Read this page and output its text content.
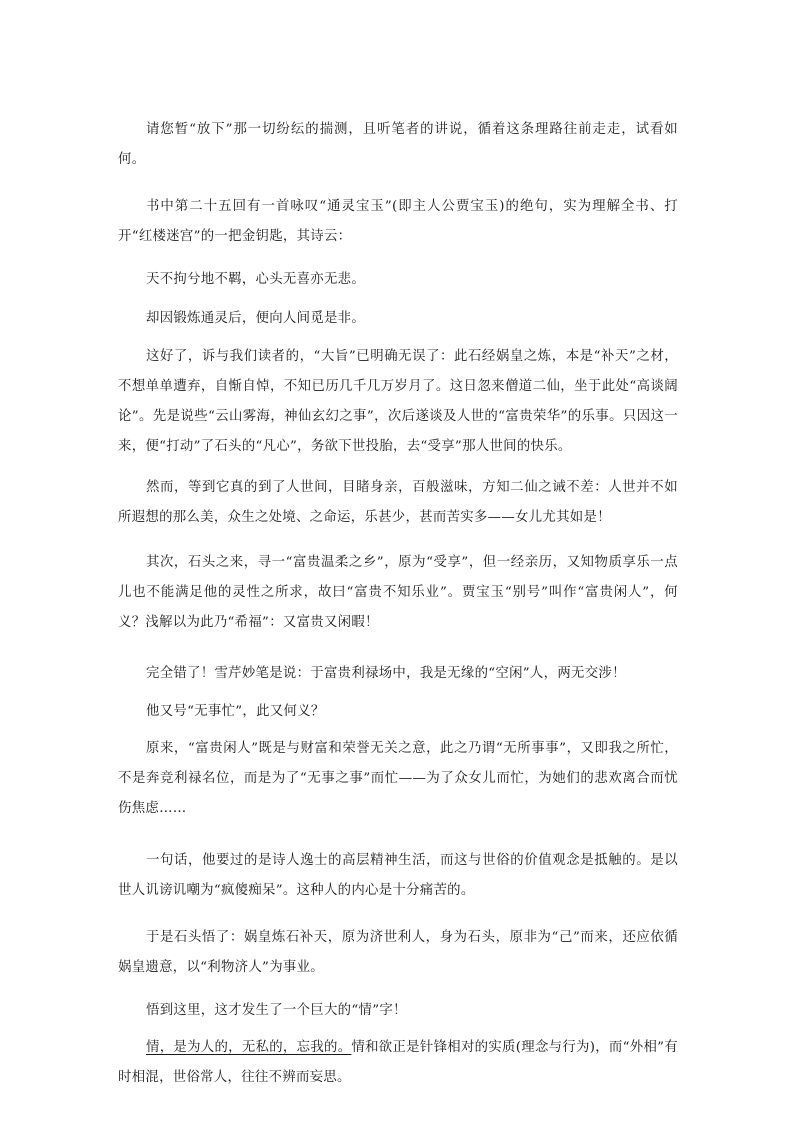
请您暂“放下”那一切纷纭的揣测，且听笔者的讲说，循着这条理路往前走走，试看如何。

书中第二十五回有一首咏叹“通灵宝玉”(即主人公贾宝玉)的绝句，实为理解全书、打开“红楼迷宫”的一把金钥匙，其诗云：

天不拘兮地不羁，心头无喜亦无悲。

却因锻炼通灵后，便向人间觅是非。

这好了，诉与我们读者的，“大旨”已明确无误了：此石经娲皇之炼，本是“补天”之材，不想单单遭弃，自惭自悼，不知已历几千几万岁月了。这日忽来僧道二仙，坐于此处“高谈阔论”。先是说些“云山雾海，神仙玄幻之事”，次后遂谈及人世的“富贵荣华”的乐事。只因这一来，便“打动”了石头的“凡心”，务欲下世投胎，去“受享”那人世间的快乐。

然而，等到它真的到了人世间，目睹身亲，百般滋味，方知二仙之诫不差：人世并不如所遐想的那么美，众生之处境、之命运，乐甚少，甚而苦实多——女儿尤其如是！

其次，石头之来，寻一“富贵温柔之乡”，原为“受享”，但一经亲历，又知物质享乐一点儿也不能满足他的灵性之所求，故曰“富贵不知乐业”。贾宝玉“别号”叫作“富贵闲人”，何义？浅解以为此乃“希福”：又富贵又闲暇！

完全错了！雪芹妙笔是说：于富贵利禄场中，我是无缘的“空闲”人，两无交涉！

他又号“无事忙”，此又何义？

原来，“富贵闲人”既是与财富和荣誉无关之意，此之乃谓“无所事事”，又即我之所忙，不是奔竞利禄名位，而是为了“无事之事”而忙——为了众女儿而忙，为她们的悲欢离合而忧伤焦虑……

一句话，他要过的是诗人逸士的高层精神生活，而这与世俗的价值观念是抵触的。是以世人讥谤讥嘲为“疯傻痴呆”。这种人的内心是十分痛苦的。

于是石头悟了：娲皇炼石补天，原为济世利人，身为石头，原非为“己”而来，还应依循娲皇遗意，以“利物济人”为事业。

悟到这里，这才发生了一个巨大的“情”字！

情，是为人的，无私的，忘我的。情和欲正是针锋相对的实质(理念与行为)，而“外相”有时相混，世俗常人，往往不辨而妄思。
